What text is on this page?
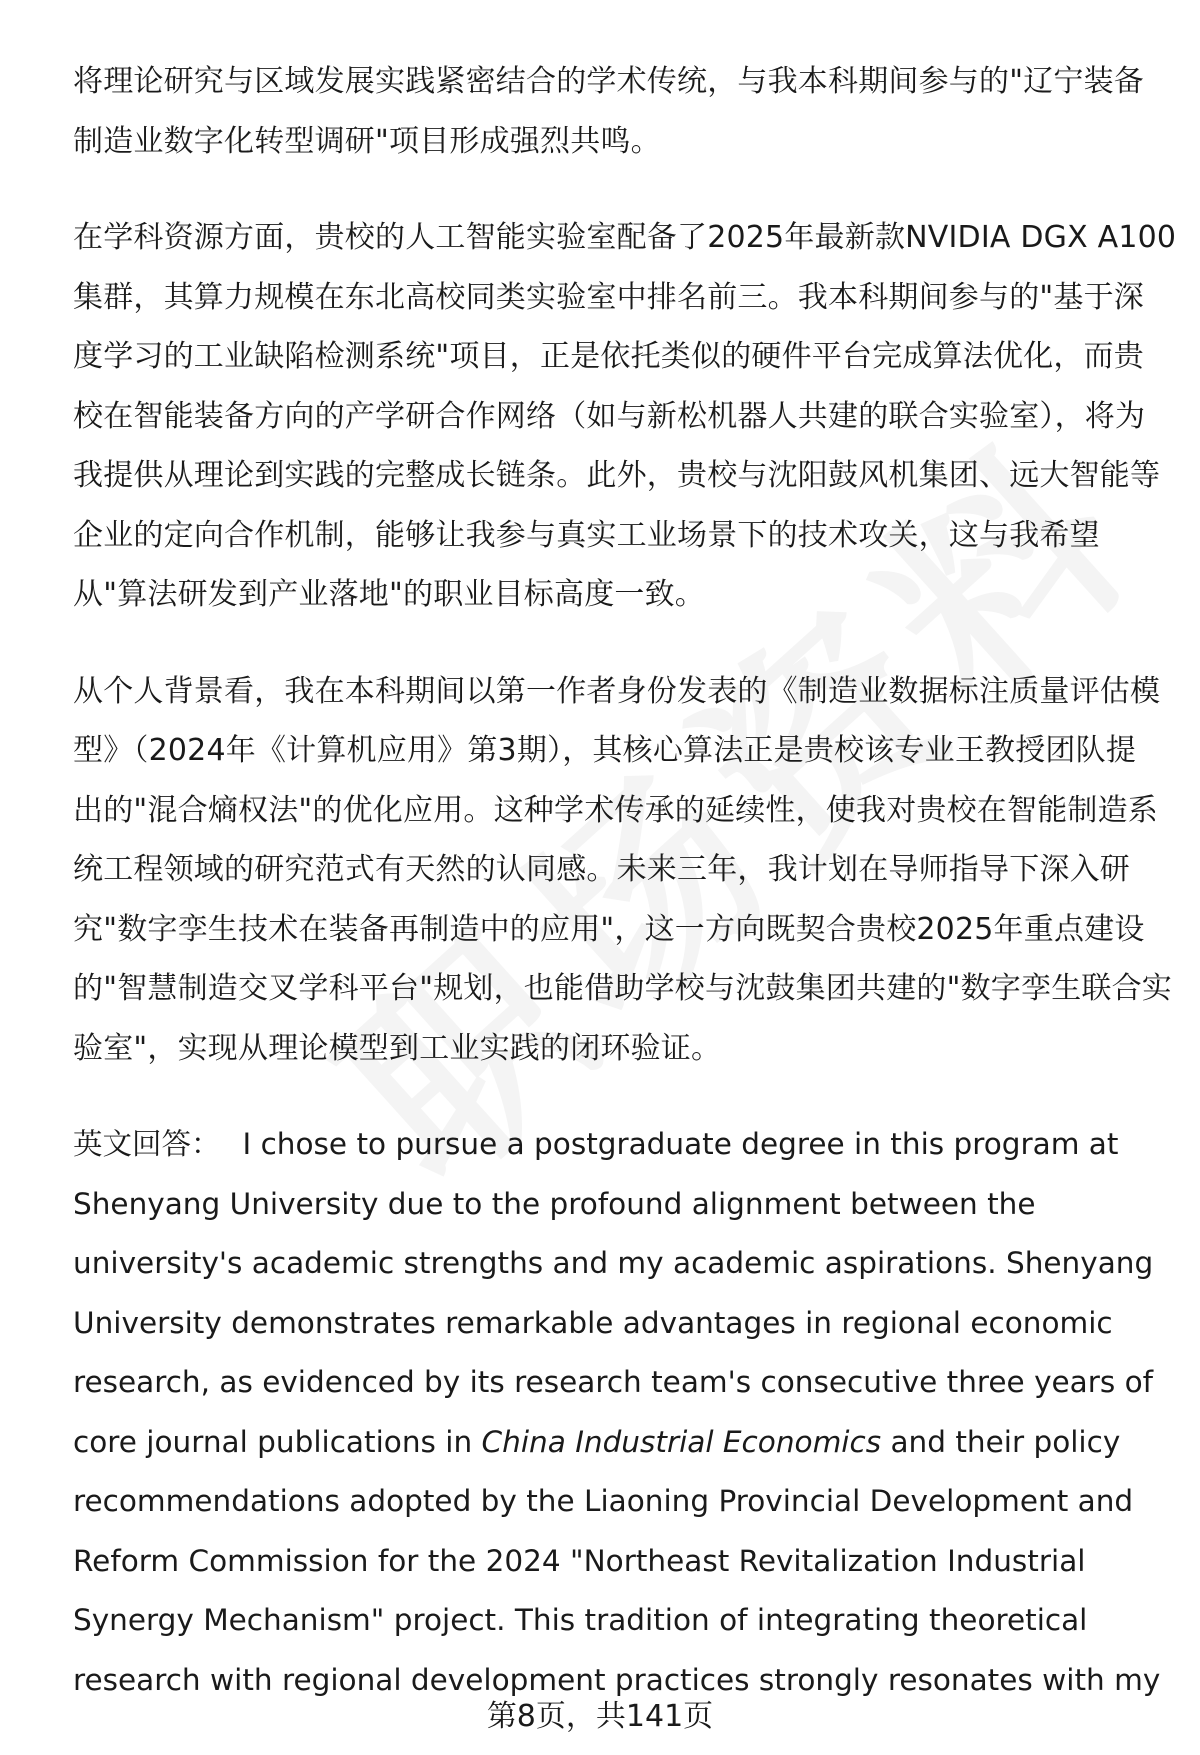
将理论研究与区域发展实践紧密结合的学术传统，与我本科期间参与的"辽宁装备
制造业数字化转型调研"项目形成强烈共鸣。

在学科资源方面，贵校的人工智能实验室配备了2025年最新款NVIDIA DGX A100
集群，其算力规模在东北高校同类实验室中排名前三。我本科期间参与的"基于深
度学习的工业缺陷检测系统"项目，正是依托类似的硬件平台完成算法优化，而贵
校在智能装备方向的产学研合作网络（如与新松机器人共建的联合实验室），将为
我提供从理论到实践的完整成长链条。此外，贵校与沈阳鼓风机集团、远大智能等
企业的定向合作机制，能够让我参与真实工业场景下的技术攻关，这与我希望
从"算法研发到产业落地"的职业目标高度一致。

从个人背景看，我在本科期间以第一作者身份发表的《制造业数据标注质量评估模
型》（2024年《计算机应用》第3期），其核心算法正是贵校该专业王教授团队提
出的"混合熵权法"的优化应用。这种学术传承的延续性，使我对贵校在智能制造系
统工程领域的研究范式有天然的认同感。未来三年，我计划在导师指导下深入研
究"数字孪生技术在装备再制造中的应用"，这一方向既契合贵校2025年重点建设
的"智慧制造交叉学科平台"规划，也能借助学校与沈鼓集团共建的"数字孪生联合实
验室"，实现从理论模型到工业实践的闭环验证。

英文回答： I chose to pursue a postgraduate degree in this program at
Shenyang University due to the profound alignment between the
university's academic strengths and my academic aspirations. Shenyang
University demonstrates remarkable advantages in regional economic
research, as evidenced by its research team's consecutive three years of
core journal publications in China Industrial Economics and their policy
recommendations adopted by the Liaoning Provincial Development and
Reform Commission for the 2024 "Northeast Revitalization Industrial
Synergy Mechanism" project. This tradition of integrating theoretical
research with regional development practices strongly resonates with my

第8页，共141页
